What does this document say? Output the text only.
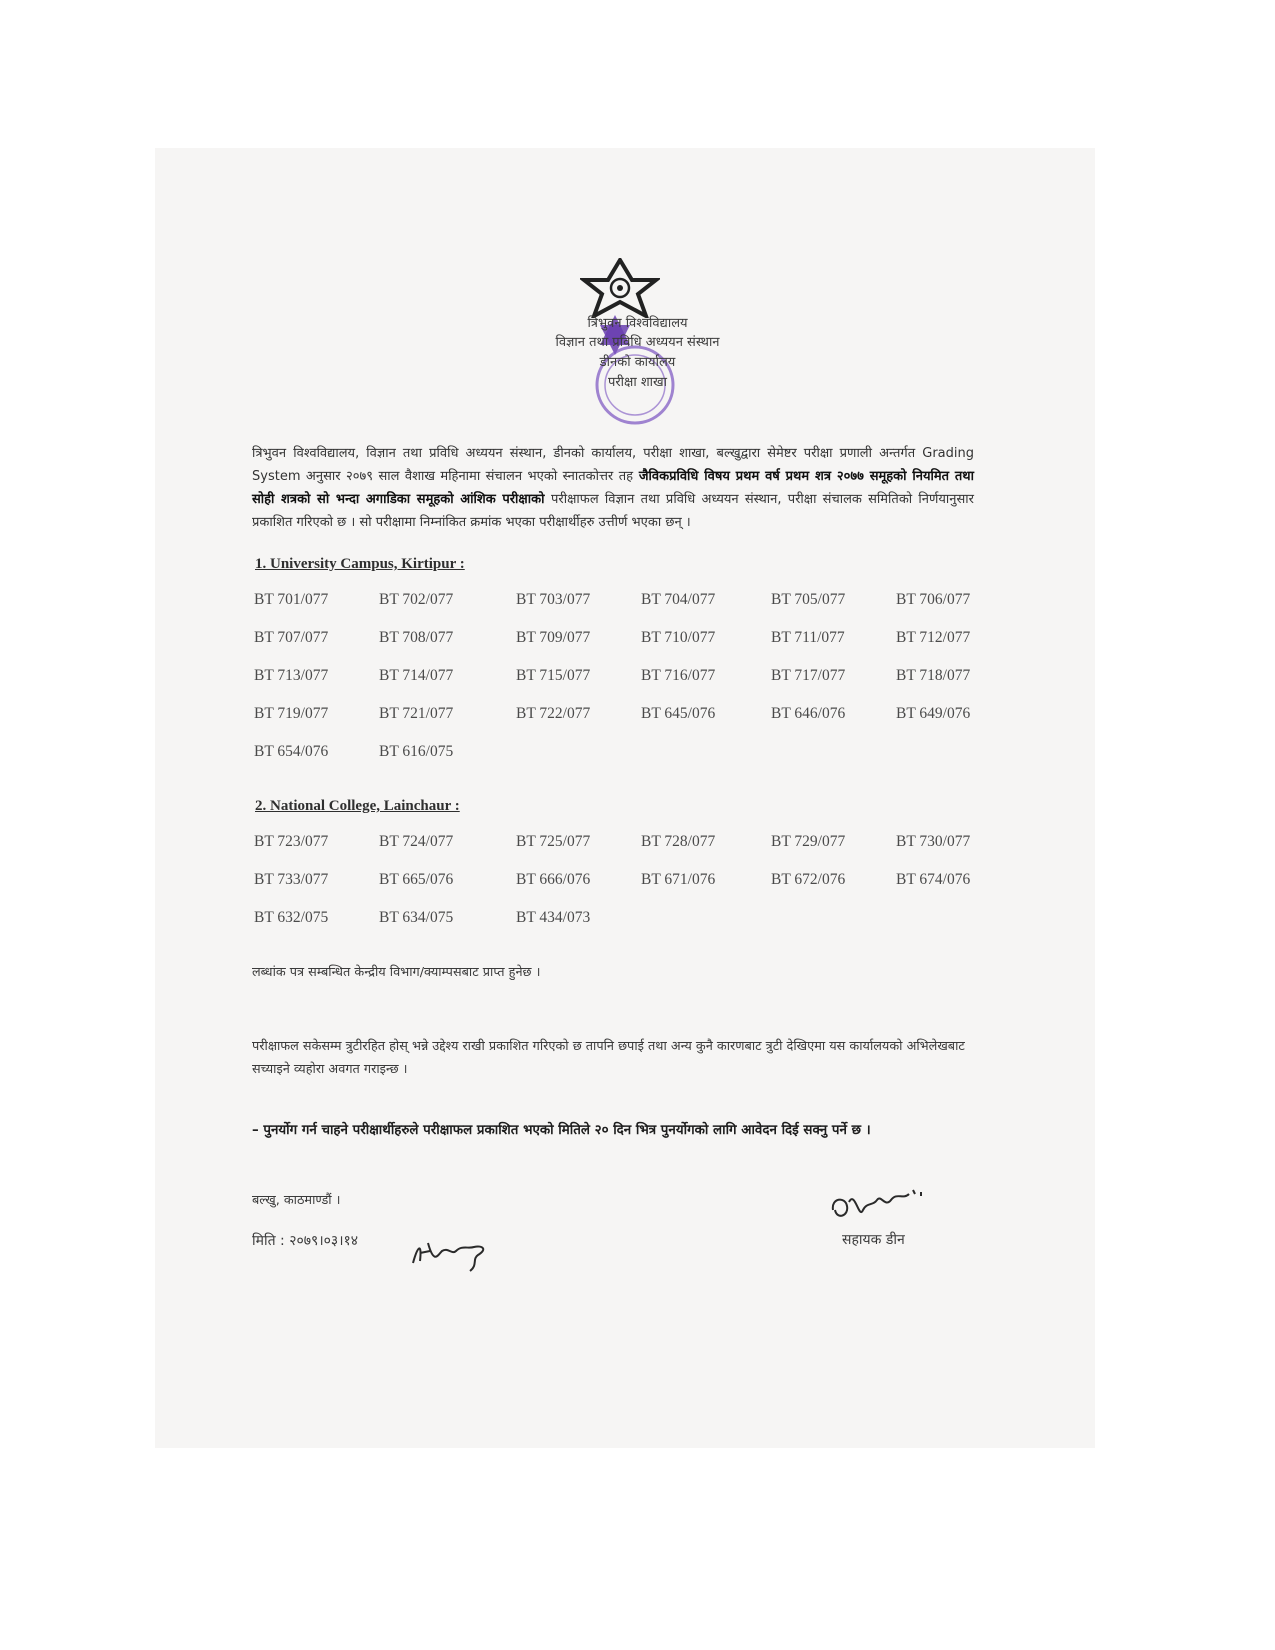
त्रिभुवन विश्वविद्यालय
विज्ञान तथा प्रविधि अध्ययन संस्थान
डीनको कार्यालय
परीक्षा शाखा
त्रिभुवन विश्वविद्यालय, विज्ञान तथा प्रविधि अध्ययन संस्थान, डीनको कार्यालय, परीक्षा शाखा, बल्खुद्वारा सेमेष्टर परीक्षा प्रणाली अन्तर्गत Grading System अनुसार २०७९ साल वैशाख महिनामा संचालन भएको स्नातकोत्तर तह जैविकप्रविधि विषय प्रथम वर्ष प्रथम शत्र २०७७ समूहको नियमित तथा सोही शत्रको सो भन्दा अगाडिका समूहको आंशिक परीक्षाको परीक्षाफल विज्ञान तथा प्रविधि अध्ययन संस्थान, परीक्षा संचालक समितिको निर्णयानुसार प्रकाशित गरिएको छ । सो परीक्षामा निम्नांकित क्रमांक भएका परीक्षार्थीहरु उत्तीर्ण भएका छन् ।
1. University Campus, Kirtipur :
BT 701/077	BT 702/077	BT 703/077	BT 704/077	BT 705/077	BT 706/077
BT 707/077	BT 708/077	BT 709/077	BT 710/077	BT 711/077	BT 712/077
BT 713/077	BT 714/077	BT 715/077	BT 716/077	BT 717/077	BT 718/077
BT 719/077	BT 721/077	BT 722/077	BT 645/076	BT 646/076	BT 649/076
BT 654/076	BT 616/075
2. National College, Lainchaur :
BT 723/077	BT 724/077	BT 725/077	BT 728/077	BT 729/077	BT 730/077
BT 733/077	BT 665/076	BT 666/076	BT 671/076	BT 672/076	BT 674/076
BT 632/075	BT 634/075	BT 434/073
लब्धांक पत्र सम्बन्धित केन्द्रीय विभाग/क्याम्पसबाट प्राप्त हुनेछ ।
परीक्षाफल सकेसम्म त्रुटीरहित होस् भन्ने उद्देश्य राखी प्रकाशित गरिएको छ तापनि छपाई तथा अन्य कुनै कारणबाट त्रुटी देखिएमा यस कार्यालयको अभिलेखबाट सच्याइने व्यहोरा अवगत गराइन्छ ।
– पुनर्योग गर्न चाहने परीक्षार्थीहरुले परीक्षाफल प्रकाशित भएको मितिले २० दिन भित्र पुनर्योगको लागि आवेदन दिई सक्नु पर्ने छ ।
बल्खु, काठमाण्डौं ।
मिति : २०७९।०३।१४	सहायक डीन
